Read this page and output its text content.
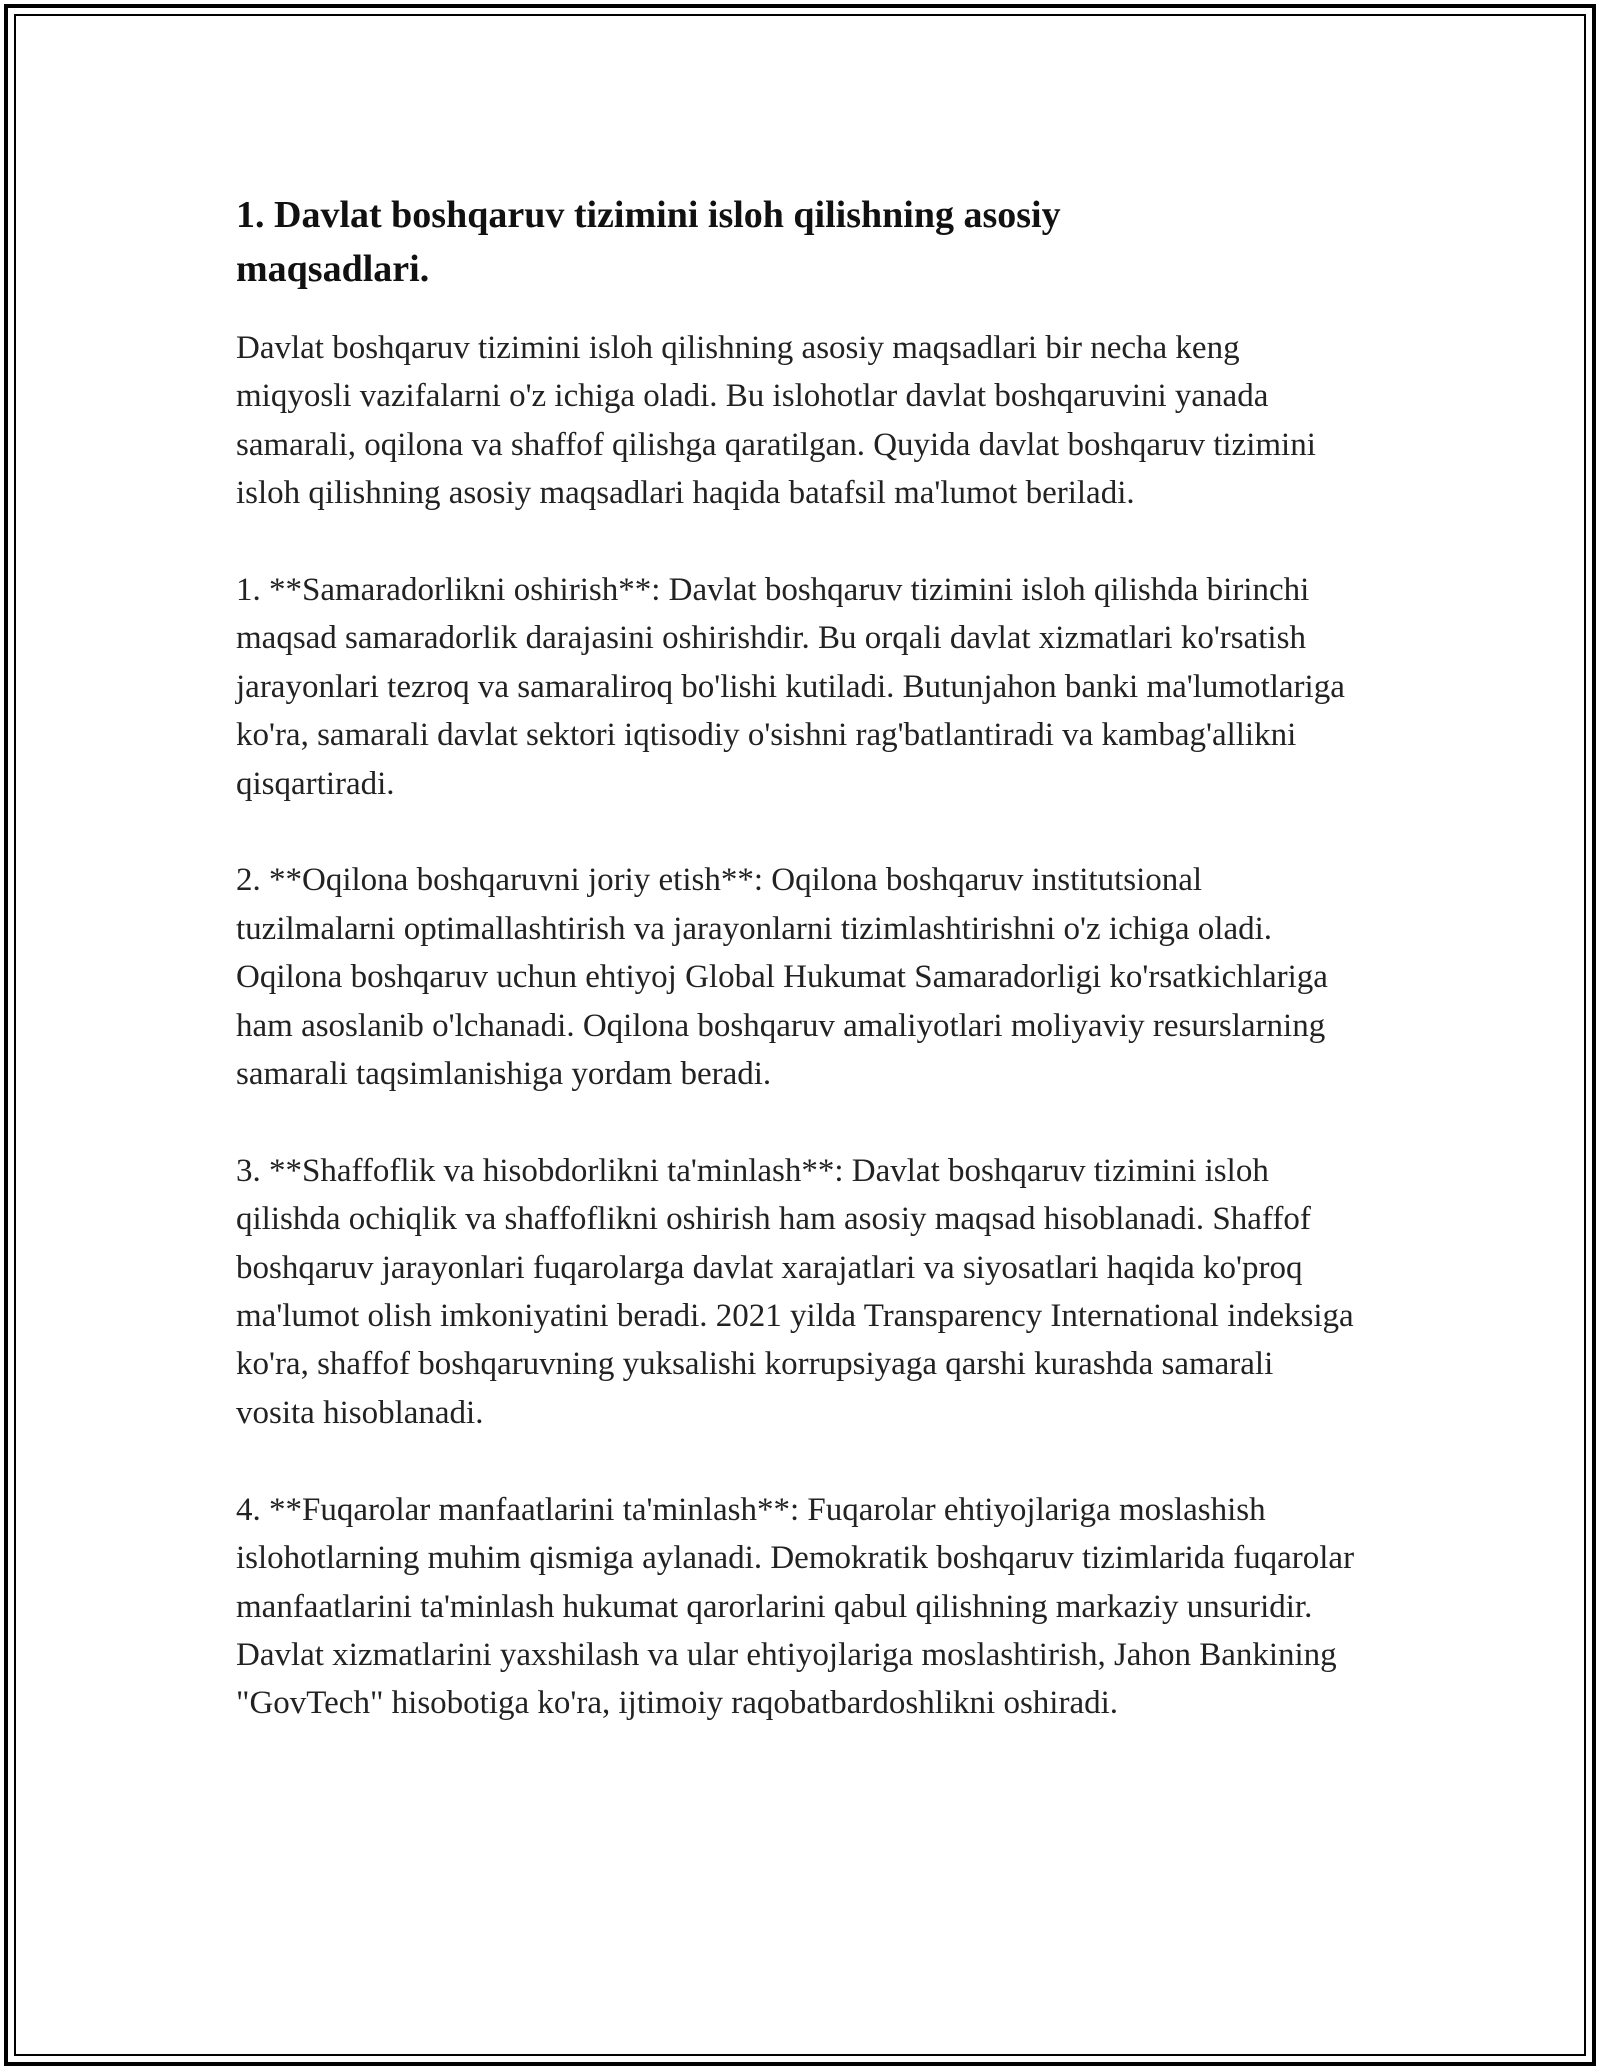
1. Davlat boshqaruv tizimini isloh qilishning asosiy maqsadlari.

Davlat boshqaruv tizimini isloh qilishning asosiy maqsadlari bir necha keng miqyosli vazifalarni o'z ichiga oladi. Bu islohotlar davlat boshqaruvini yanada samarali, oqilona va shaffof qilishga qaratilgan. Quyida davlat boshqaruv tizimini isloh qilishning asosiy maqsadlari haqida batafsil ma'lumot beriladi.

1. **Samaradorlikni oshirish**: Davlat boshqaruv tizimini isloh qilishda birinchi maqsad samaradorlik darajasini oshirishdir. Bu orqali davlat xizmatlari ko'rsatish jarayonlari tezroq va samaraliroq bo'lishi kutiladi. Butunjahon banki ma'lumotlariga ko'ra, samarali davlat sektori iqtisodiy o'sishni rag'batlantiradi va kambag'allikni qisqartiradi.

2. **Oqilona boshqaruvni joriy etish**: Oqilona boshqaruv institutsional tuzilmalarni optimallashtirish va jarayonlarni tizimlashtirishni o'z ichiga oladi. Oqilona boshqaruv uchun ehtiyoj Global Hukumat Samaradorligi ko'rsatkichlariga ham asoslanib o'lchanadi. Oqilona boshqaruv amaliyotlari moliyaviy resurslarning samarali taqsimlanishiga yordam beradi.

3. **Shaffoflik va hisobdorlikni ta'minlash**: Davlat boshqaruv tizimini isloh qilishda ochiqlik va shaffoflikni oshirish ham asosiy maqsad hisoblanadi. Shaffof boshqaruv jarayonlari fuqarolarga davlat xarajatlari va siyosatlari haqida ko'proq ma'lumot olish imkoniyatini beradi. 2021 yilda Transparency International indeksiga ko'ra, shaffof boshqaruvning yuksalishi korrupsiyaga qarshi kurashda samarali vosita hisoblanadi.

4. **Fuqarolar manfaatlarini ta'minlash**: Fuqarolar ehtiyojlariga moslashish islohotlarning muhim qismiga aylanadi. Demokratik boshqaruv tizimlarida fuqarolar manfaatlarini ta'minlash hukumat qarorlarini qabul qilishning markaziy unsuridir. Davlat xizmatlarini yaxshilash va ular ehtiyojlariga moslashtirish, Jahon Bankining "GovTech" hisobotiga ko'ra, ijtimoiy raqobatbardoshlikni oshiradi.
